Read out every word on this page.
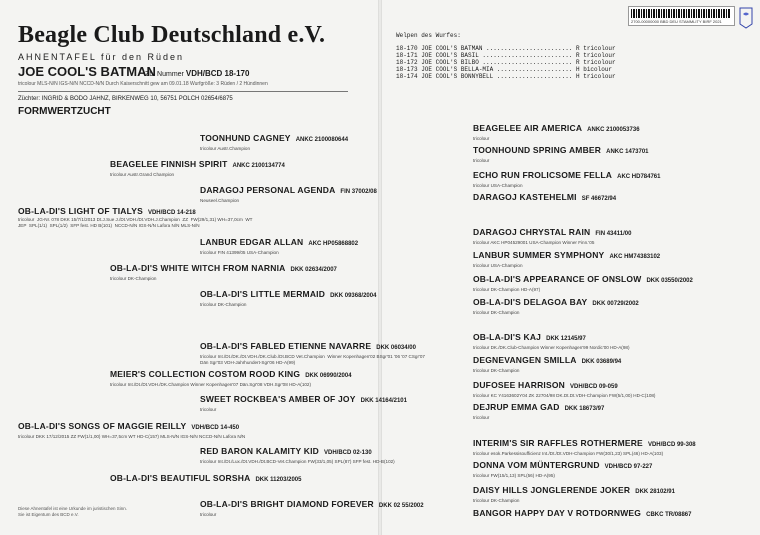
Beagle Club Deutschland e.V.
AHNENTAFEL für den Rüden
JOE COOL'S BATMAN
Zb. Nummer VDH/BCD 18-170
tricolour MLS-N/N IGS-N/N NCCD-N/N Durch Kaiserschnitt gew am 09.01.18 Wurfgröße: 3 Rüden / 2 Hündinnen
Züchter: INGRID & BODO JAHNZ, BIRKENWEG 10, 56751 POLCH 02654/6875
FORMWERTZUCHT
Welpen des Wurfes:
18-170 JOE COOL'S BATMAN ........................ R tricolour
18-171 JOE COOL'S BASIL ......................... R tricolour
18-172 JOE COOL'S BILBO ......................... R tricolour
18-173 JOE COOL'S BELLA-MIA ..................... H bicolour
18-174 JOE COOL'S BONNYBELL ..................... H tricolour
TOONHUND CAGNEY ANKC 2100080644
tricolour Austr.Champion
BEAGELEE FINNISH SPIRIT ANKC 2100134774
tricolour Austr.Grand Champion
DARAGOJ PERSONAL AGENDA FIN 37002/08
Neuseel.Champion
OB-LA-DI'S LIGHT OF TIALYS VDH/BCD 14-218
tricolour  JG-Nr. 078 DKK 15/7/1/2013 Dt.J.Sue J./Dt.VDH./Dt.VDH.J.Champion  ZZ  FW(29/1,31) WH=37,0cm  WT
JEP  SPL(1/1)  SPL(1/2)  SFP fest. HD B(101)  NCCD-N/N IGS-N/N Lafora N/N MLS-N/N
LANBUR EDGAR ALLAN AKC HP05868802
tricolour FIN 41399/05 USA-Champion
OB-LA-DI'S WHITE WITCH FROM NARNIA DKK 02634/2007
tricolour DK-Champion
OB-LA-DI'S LITTLE MERMAID DKK 09368/2004
tricolour DK-Champion
OB-LA-DI'S FABLED ETIENNE NAVARRE DKK 06034/00
tricolour Int./Dt./DK./Dt.VDH./DK.Club./Dt.BCD Vet.Champion  Winner Kopenhagen'02 BSgr'01 '06 '07 CSgr'07
Dän Sgr'03 VDH-Jahrhundert-Sgr'06 HD-A(99)
MEIER'S COLLECTION COSTOM ROOD KING DKK 06990/2004
tricolour Int./Dt./Dt.VDH./DK.Champion Winner Kopenhagen'07 Dän.Sgr'08 VDH.Sgr'08 HD-A(102)
SWEET ROCKBEA'S AMBER OF JOY DKK 14164/2101
tricolour
OB-LA-DI'S SONGS OF MAGGIE REILLY VDH/BCD 14-450
tricolour DKK 17/12/2015 ZZ FW(1/1,00) WH=37,5cm WT HD-C(157) MLS-N/N IGS-N/N NCCD-N/N Lafora N/N
RED BARON KALAMITY KID VDH/BCD 02-130
tricolour Int./Dt./Lux./Dt.VDH./Dt.BCD-Vet.Champion FW(33/1,05) SPL(87) SFP fest. HD-B(102)
OB-LA-DI'S BEAUTIFUL SORSHA DKK 11203/2005
OB-LA-DI'S BRIGHT DIAMOND FOREVER DKK 02 55/2002
tricolour
BEAGELEE AIR AMERICA ANKC 2100053736
tricolour
TOONHOUND SPRING AMBER ANKC 1473701
tricolour
ECHO RUN FROLICSOME FELLA AKC HD784761
tricolour USA-Champion
DARAGOJ KASTEHELMI SF 46672/94
DARAGOJ CHRYSTAL RAIN FIN 43411/00
tricolour AKC HP04529001 USA-Champion Winner Finn.'05
LANBUR SUMMER SYMPHONY AKC HM74383102
tricolour USA-Champion
OB-LA-DI'S APPEARANCE OF ONSLOW DKK 03550/2002
tricolour DK-Champion HD-A(97)
OB-LA-DI'S DELAGOA BAY DKK 00729/2002
tricolour DK-Champion
OB-LA-DI'S KAJ DKK 12145/97
tricolour DK./DK.Club-Champion Winner Kopenhagen'99 Nordic'00 HD-A(98)
DEGNEVANGEN SMILLA DKK 03689/94
tricolour DK-Champion
DUFOSEE HARRISON VDH/BCD 09-059
tricolour KC Y4163602Y04 ZK 22704/98 DK.Dt.Dt.VDH-Champion FW(5/1,00) HD-C(108)
DEJRUP EMMA GAD DKK 18673/97
tricolour
INTERIM'S SIR RAFFLES ROTHERMERE VDH/BCD 99-308
tricolour esok.Parkessisoufficienz Int./Dt./Dt.VDH-Champion FW(30/1,23) SPL(46) HD-A(103)
DONNA VOM MÜNTERGRUND VDH/BCD 97-227
tricolour FW(15/1,13) SPL(56) HD-A(95)
DAISY HILLS JONGLERENDE JOKER DKK 28102/91
tricolour DK-Champion
BANGOR HAPPY DAY V ROTDORNWEG CBKC TR/08867
Diese Ahnentafel ist eine Urkunde im juristischen Sinn.
Sie ist Eigentum des BCD e.V.
2700-00000000 BBD DEU STAMMLITY BIRF 2021
